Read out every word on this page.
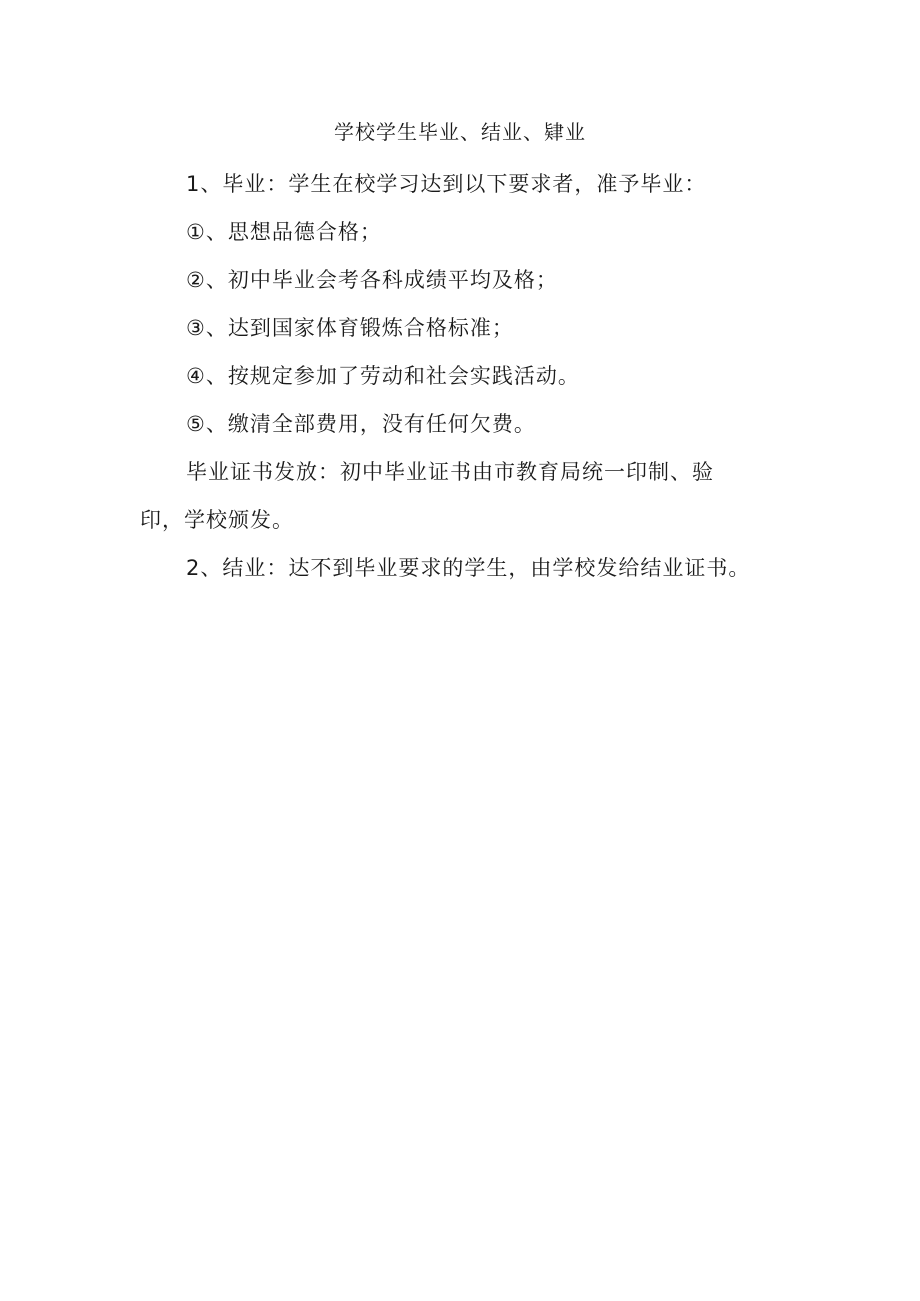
学校学生毕业、结业、肄业

1、毕业：学生在校学习达到以下要求者，准予毕业：

①、思想品德合格；

②、初中毕业会考各科成绩平均及格；

③、达到国家体育锻炼合格标准；

④、按规定参加了劳动和社会实践活动。

⑤、缴清全部费用，没有任何欠费。

毕业证书发放：初中毕业证书由市教育局统一印制、验印，学校颁发。

2、结业：达不到毕业要求的学生，由学校发给结业证书。
